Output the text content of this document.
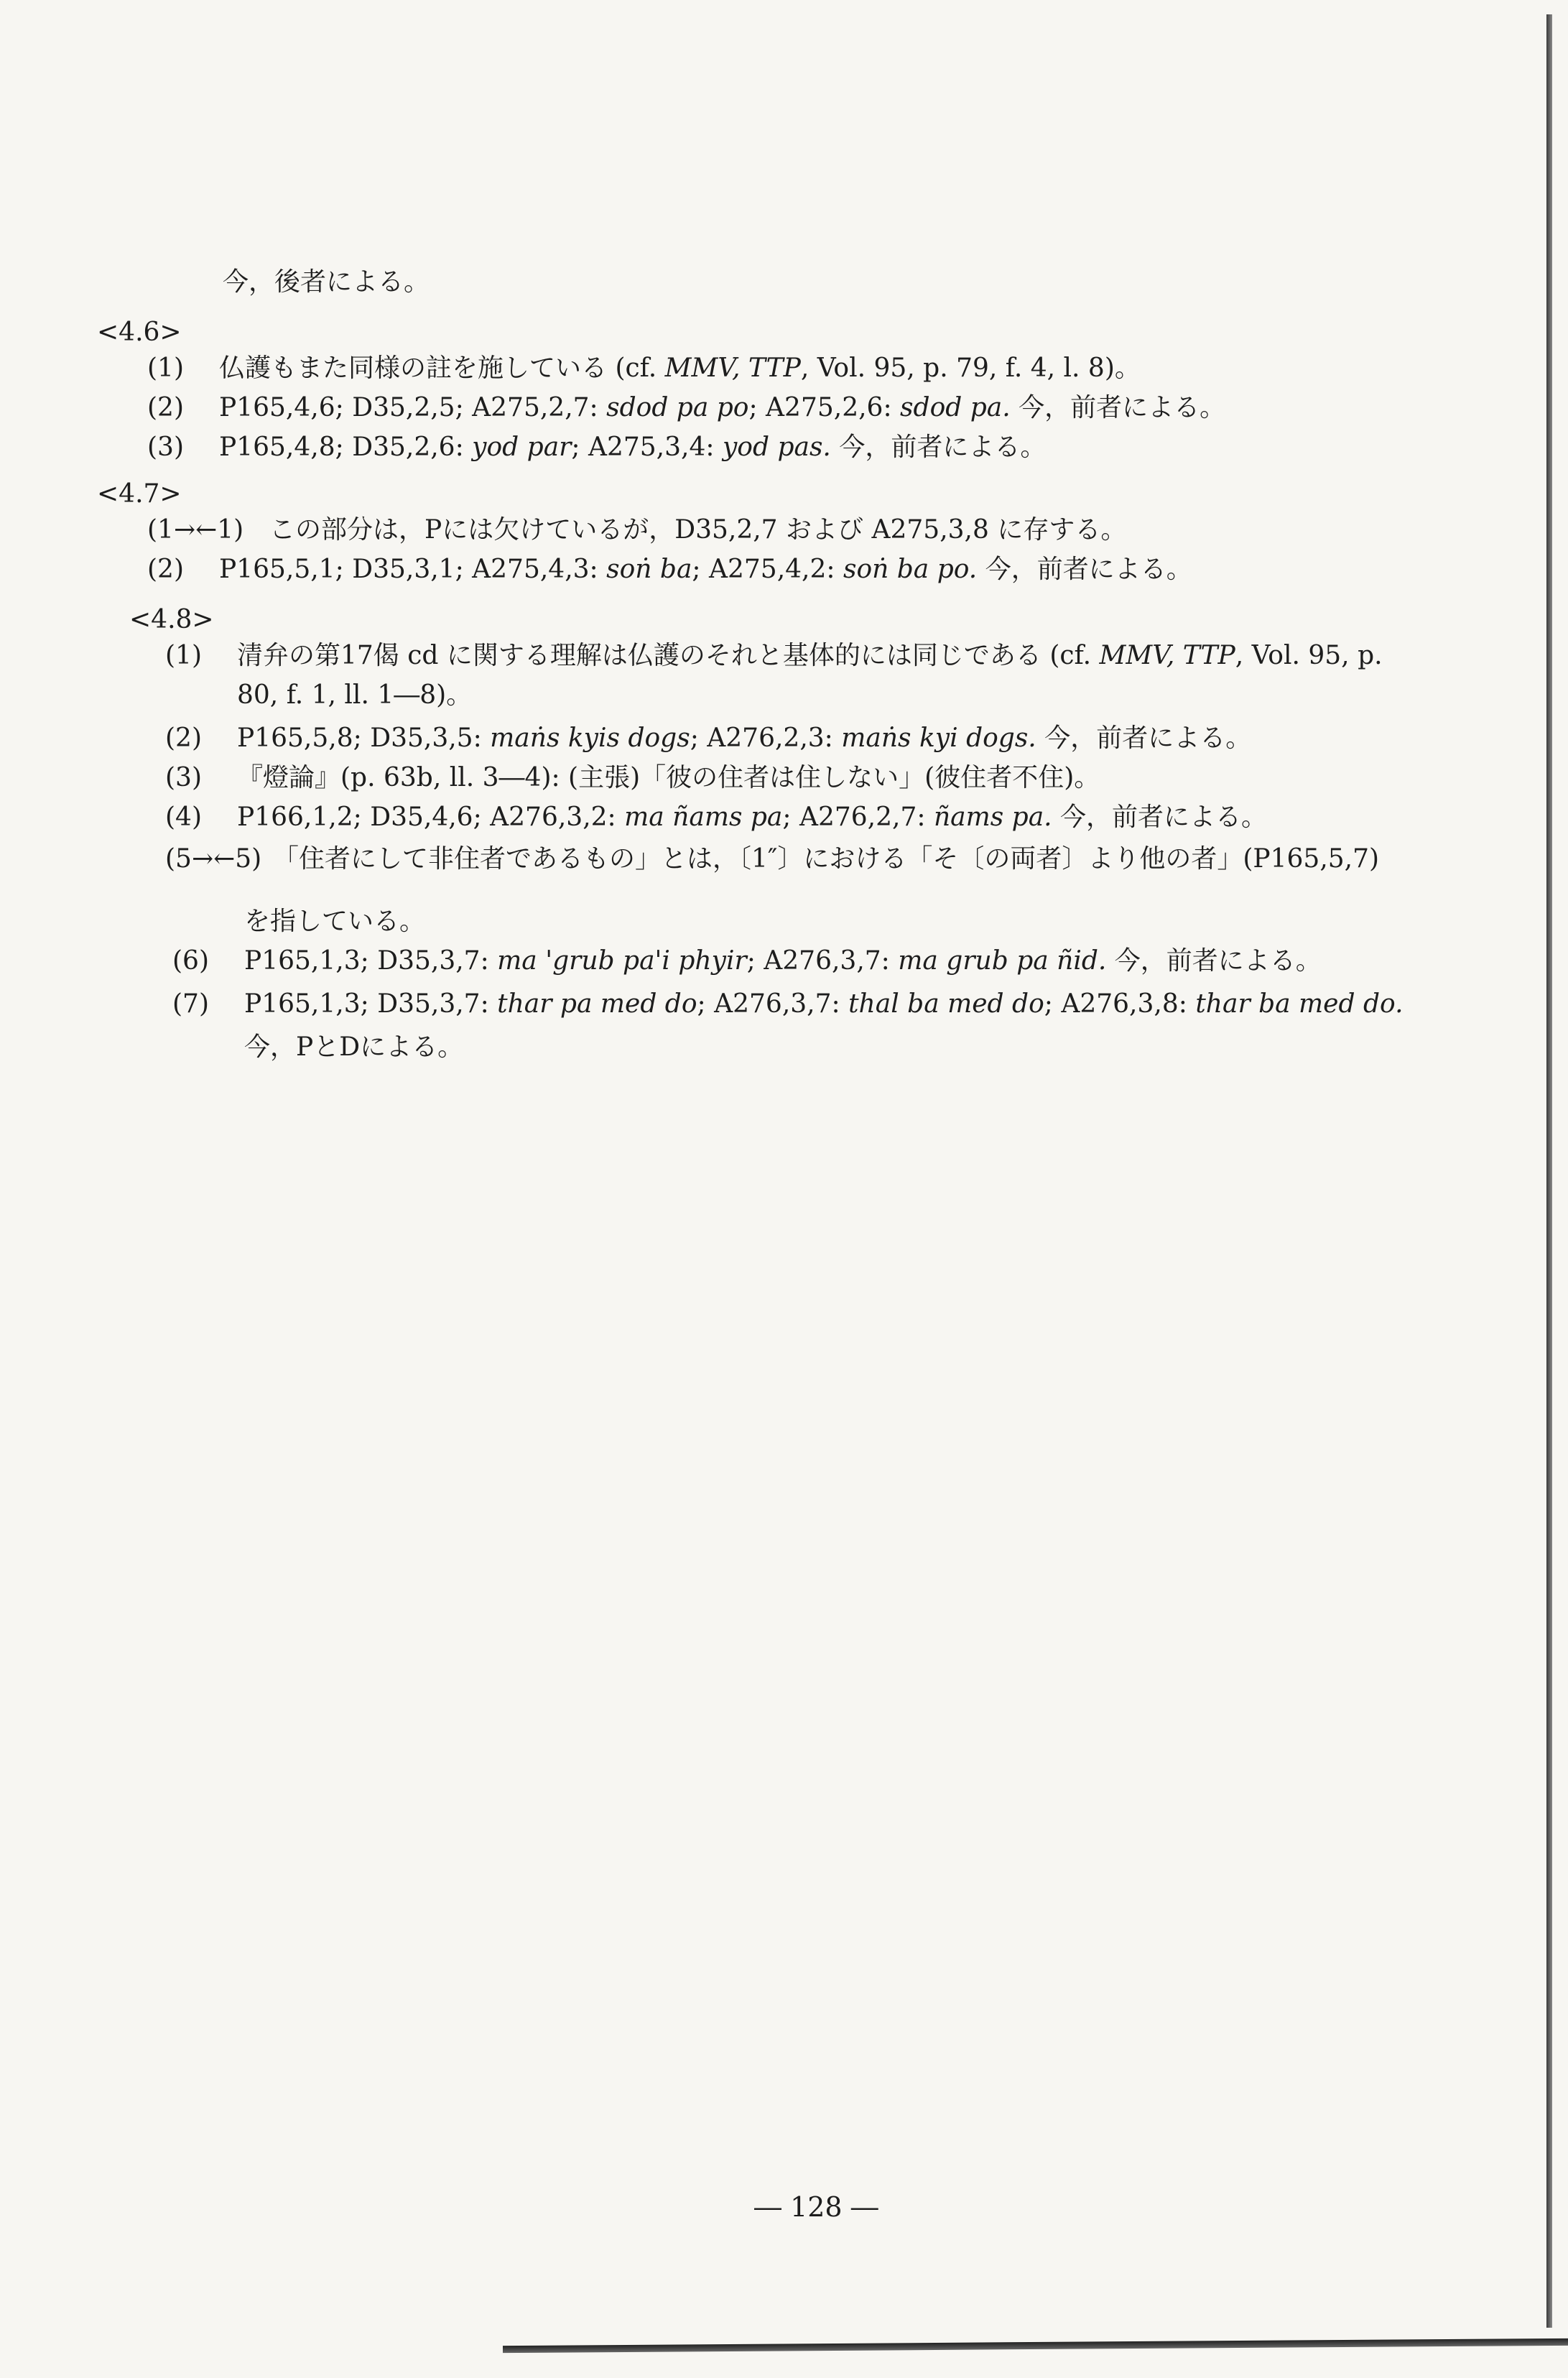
今，後者による。
<4.6>
(1) 仏護もまた同様の註を施している (cf. MMV, TTP, Vol. 95, p. 79, f. 4, l. 8)。
(2) P165,4,6; D35,2,5; A275,2,7: sdod pa po; A275,2,6: sdod pa. 今，前者による。
(3) P165,4,8; D35,2,6: yod par; A275,3,4: yod pas. 今，前者による。
<4.7>
(1→←1) この部分は，Pには欠けているが，D35,2,7 および A275,3,8 に存する。
(2) P165,5,1; D35,3,1; A275,4,3: soṅ ba; A275,4,2: soṅ ba po. 今，前者による。
<4.8>
(1) 清弁の第17偈 cd に関する理解は仏護のそれと基体的には同じである (cf. MMV, TTP, Vol. 95, p.
80, f. 1, ll. 1―8)。
(2) P165,5,8; D35,3,5: maṅs kyis dogs; A276,2,3: maṅs kyi dogs. 今，前者による。
(3) 『燈論』(p. 63b, ll. 3―4): (主張)「彼の住者は住しない」(彼住者不住)。
(4) P166,1,2; D35,4,6; A276,3,2: ma ñams pa; A276,2,7: ñams pa. 今，前者による。
(5→←5) 「住者にして非住者であるもの」とは，〔1″〕における「そ〔の両者〕より他の者」(P165,5,7)
を指している。
(6) P165,1,3; D35,3,7: ma 'grub pa'i phyir; A276,3,7: ma grub pa ñid. 今，前者による。
(7) P165,1,3; D35,3,7: thar pa med do; A276,3,7: thal ba med do; A276,3,8: thar ba med do.
今，PとDによる。
― 128 ―
